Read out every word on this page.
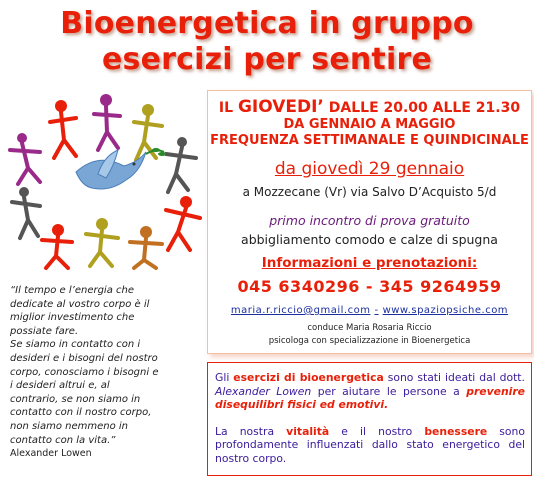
Bioenergetica in gruppo
esercizi per sentire
IL GIOVEDI’ DALLE 20.00 ALLE 21.30
DA GENNAIO A MAGGIO
FREQUENZA SETTIMANALE E QUINDICINALE
da giovedì 29 gennaio
a Mozzecane (Vr) via Salvo D’Acquisto 5/d
primo incontro di prova gratuito
abbigliamento comodo e calze di spugna
Informazioni e prenotazioni:
045 6340296 - 345 9264959
maria.r.riccio@gmail.com - www.spaziopsiche.com
conduce Maria Rosaria Riccio
psicologa con specializzazione in Bioenergetica
“Il tempo e l’energia che
dedicate al vostro corpo è il
miglior investimento che
possiate fare.
Se siamo in contatto con i
desideri e i bisogni del nostro
corpo, conosciamo i bisogni e
i desideri altrui e, al
contrario, se non siamo in
contatto con il nostro corpo,
non siamo nemmeno in
contatto con la vita.”
Alexander Lowen

Gli esercizi di bioenergetica sono stati ideati dal dott. Alexander Lowen per aiutare le persone a prevenire disequilibri fisici ed emotivi.

La nostra vitalità e il nostro benessere sono profondamente influenzati dallo stato energetico del nostro corpo.
